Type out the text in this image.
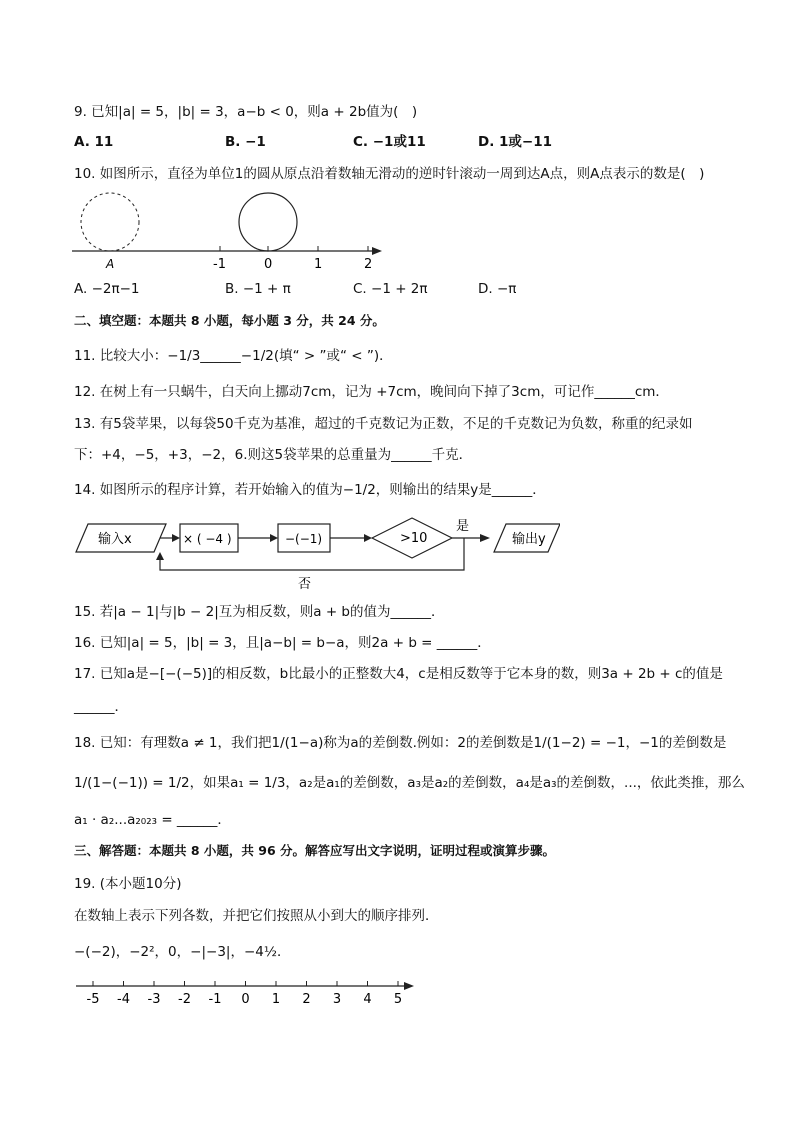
9. 已知|a| = 5，|b| = 3，a−b < 0，则a + 2b值为(　)
A. 11	B. −1	C. −1或11	D. 1或−11
10. 如图所示，直径为单位1的圆从原点沿着数轴无滑动的逆时针滚动一周到达A点，则A点表示的数是(　)
A	-1	0	1	2
A. −2π−1	B. −1 + π	C. −1 + 2π	D. −π
二、填空题：本题共 8 小题，每小题 3 分，共 24 分。
11. 比较大小：−1/3______−1/2(填“ > ”或“ < ”)．
12. 在树上有一只蜗牛，白天向上挪动7cm，记为 +7cm，晚间向下掉了3cm，可记作______cm．
13. 有5袋苹果，以每袋50千克为基准，超过的千克数记为正数，不足的千克数记为负数，称重的纪录如
下：+4，−5，+3，−2，6.则这5袋苹果的总重量为______千克．
14. 如图所示的程序计算，若开始输入的值为−1/2，则输出的结果y是______．
输入x	× ( −4 )	−(−1)	>10
是
输出y
否
15. 若|a − 1|与|b − 2|互为相反数，则a + b的值为______．
16. 已知|a| = 5，|b| = 3，且|a−b| = b−a，则2a + b = ______．
17. 已知a是−[−(−5)]的相反数，b比最小的正整数大4，c是相反数等于它本身的数，则3a + 2b + c的值是
______．
18. 已知：有理数a ≠ 1，我们把1/(1−a)称为a的差倒数.例如：2的差倒数是1/(1−2) = −1，−1的差倒数是
1/(1−(−1)) = 1/2，如果a₁ = 1/3，a₂是a₁的差倒数，a₃是a₂的差倒数，a₄是a₃的差倒数，...，依此类推，那么
a₁ · a₂...a₂₀₂₃ = ______．
三、解答题：本题共 8 小题，共 96 分。解答应写出文字说明，证明过程或演算步骤。
19. (本小题10分)
在数轴上表示下列各数，并把它们按照从小到大的顺序排列．
−(−2)，−2²，0，−|−3|，−4½．
-5 -4 -3 -2 -1 0 1 2 3 4 5
